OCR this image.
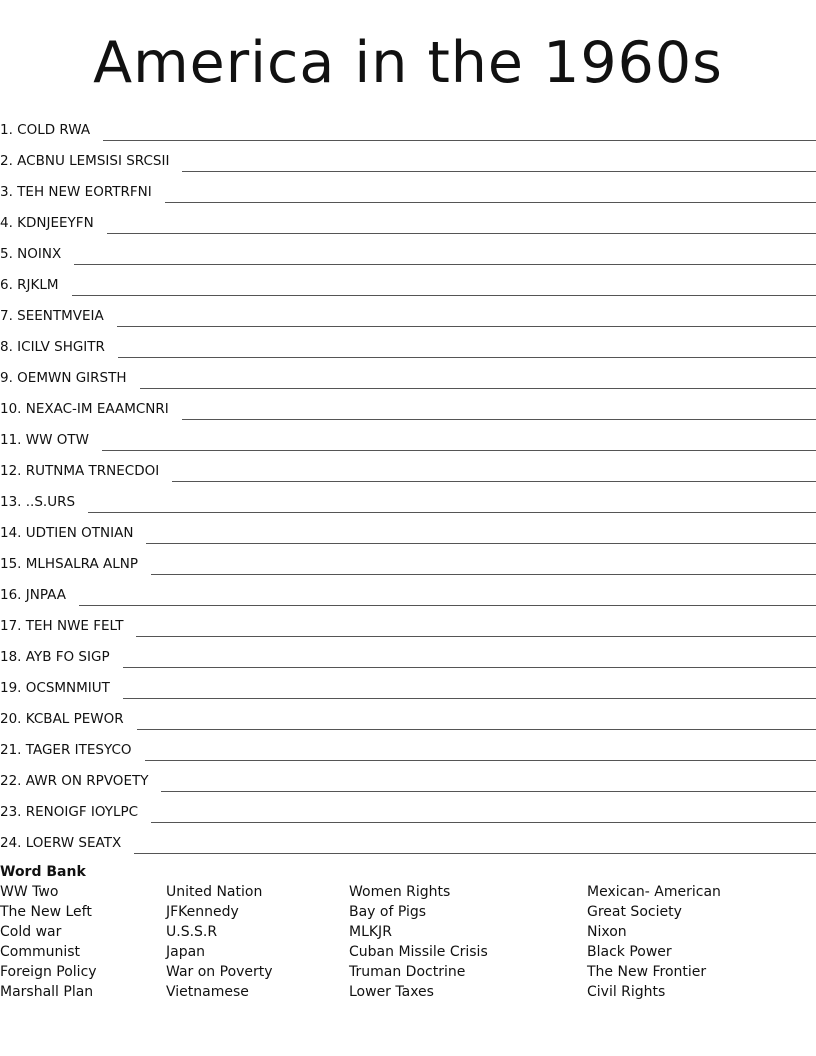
America in the 1960s
1. COLD RWA
2. ACBNU LEMSISI SRCSII
3. TEH NEW EORTRFNI
4. KDNJEEYFN
5. NOINX
6. RJKLM
7. SEENTMVEIA
8. ICILV SHGITR
9. OEMWN GIRSTH
10. NEXAC-IM EAAMCNRI
11. WW OTW
12. RUTNMA TRNECDOI
13. ..S.URS
14. UDTIEN OTNIAN
15. MLHSALRA ALNP
16. JNPAA
17. TEH NWE FELT
18. AYB FO SIGP
19. OCSMNMIUT
20. KCBAL PEWOR
21. TAGER ITESYCO
22. AWR ON RPVOETY
23. RENOIGF IOYLPC
24. LOERW SEATX
Word Bank
WW Two
The New Left
Cold war
Communist
Foreign Policy
Marshall Plan
United Nation
JFKennedy
U.S.S.R
Japan
War on Poverty
Vietnamese
Women Rights
Bay of Pigs
MLKJR
Cuban Missile Crisis
Truman Doctrine
Lower Taxes
Mexican- American
Great Society
Nixon
Black Power
The New Frontier
Civil Rights
